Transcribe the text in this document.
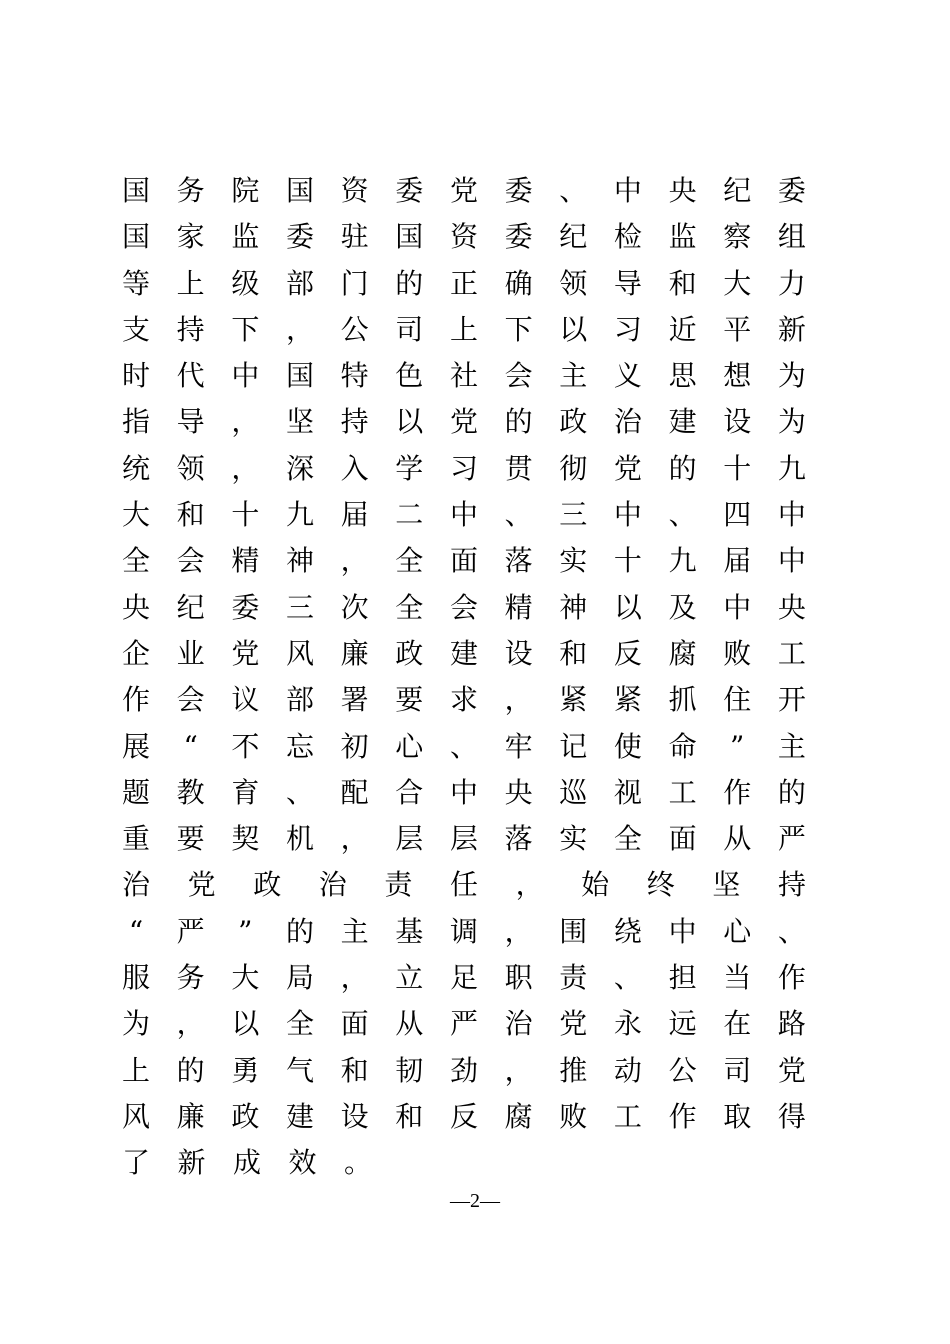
国 务 院 国 资 委 党 委 、 中 央 纪 委
国 家 监 委 驻 国 资 委 纪 检 监 察 组
等 上 级 部 门 的 正 确 领 导 和 大 力
支 持 下 ， 公 司 上 下 以 习 近 平 新
时 代 中 国 特 色 社 会 主 义 思 想 为
指 导 ， 坚 持 以 党 的 政 治 建 设 为
统 领 ， 深 入 学 习 贯 彻 党 的 十 九
大 和 十 九 届 二 中 、 三 中 、 四 中
全 会 精 神 ， 全 面 落 实 十 九 届 中
央 纪 委 三 次 全 会 精 神 以 及 中 央
企 业 党 风 廉 政 建 设 和 反 腐 败 工
作 会 议 部 署 要 求 ， 紧 紧 抓 住 开
展 “ 不 忘 初 心 、 牢 记 使 命 ” 主
题 教 育 、 配 合 中 央 巡 视 工 作 的
重 要 契 机 ， 层 层 落 实 全 面 从 严
治 党 政 治 责 任 ， 始 终 坚 持
“ 严 ” 的 主 基 调 ， 围 绕 中 心 、
服 务 大 局 ， 立 足 职 责 、 担 当 作
为 ， 以 全 面 从 严 治 党 永 远 在 路
上 的 勇 气 和 韧 劲 ， 推 动 公 司 党
风 廉 政 建 设 和 反 腐 败 工 作 取 得
了 新 成 效 。
—2—
